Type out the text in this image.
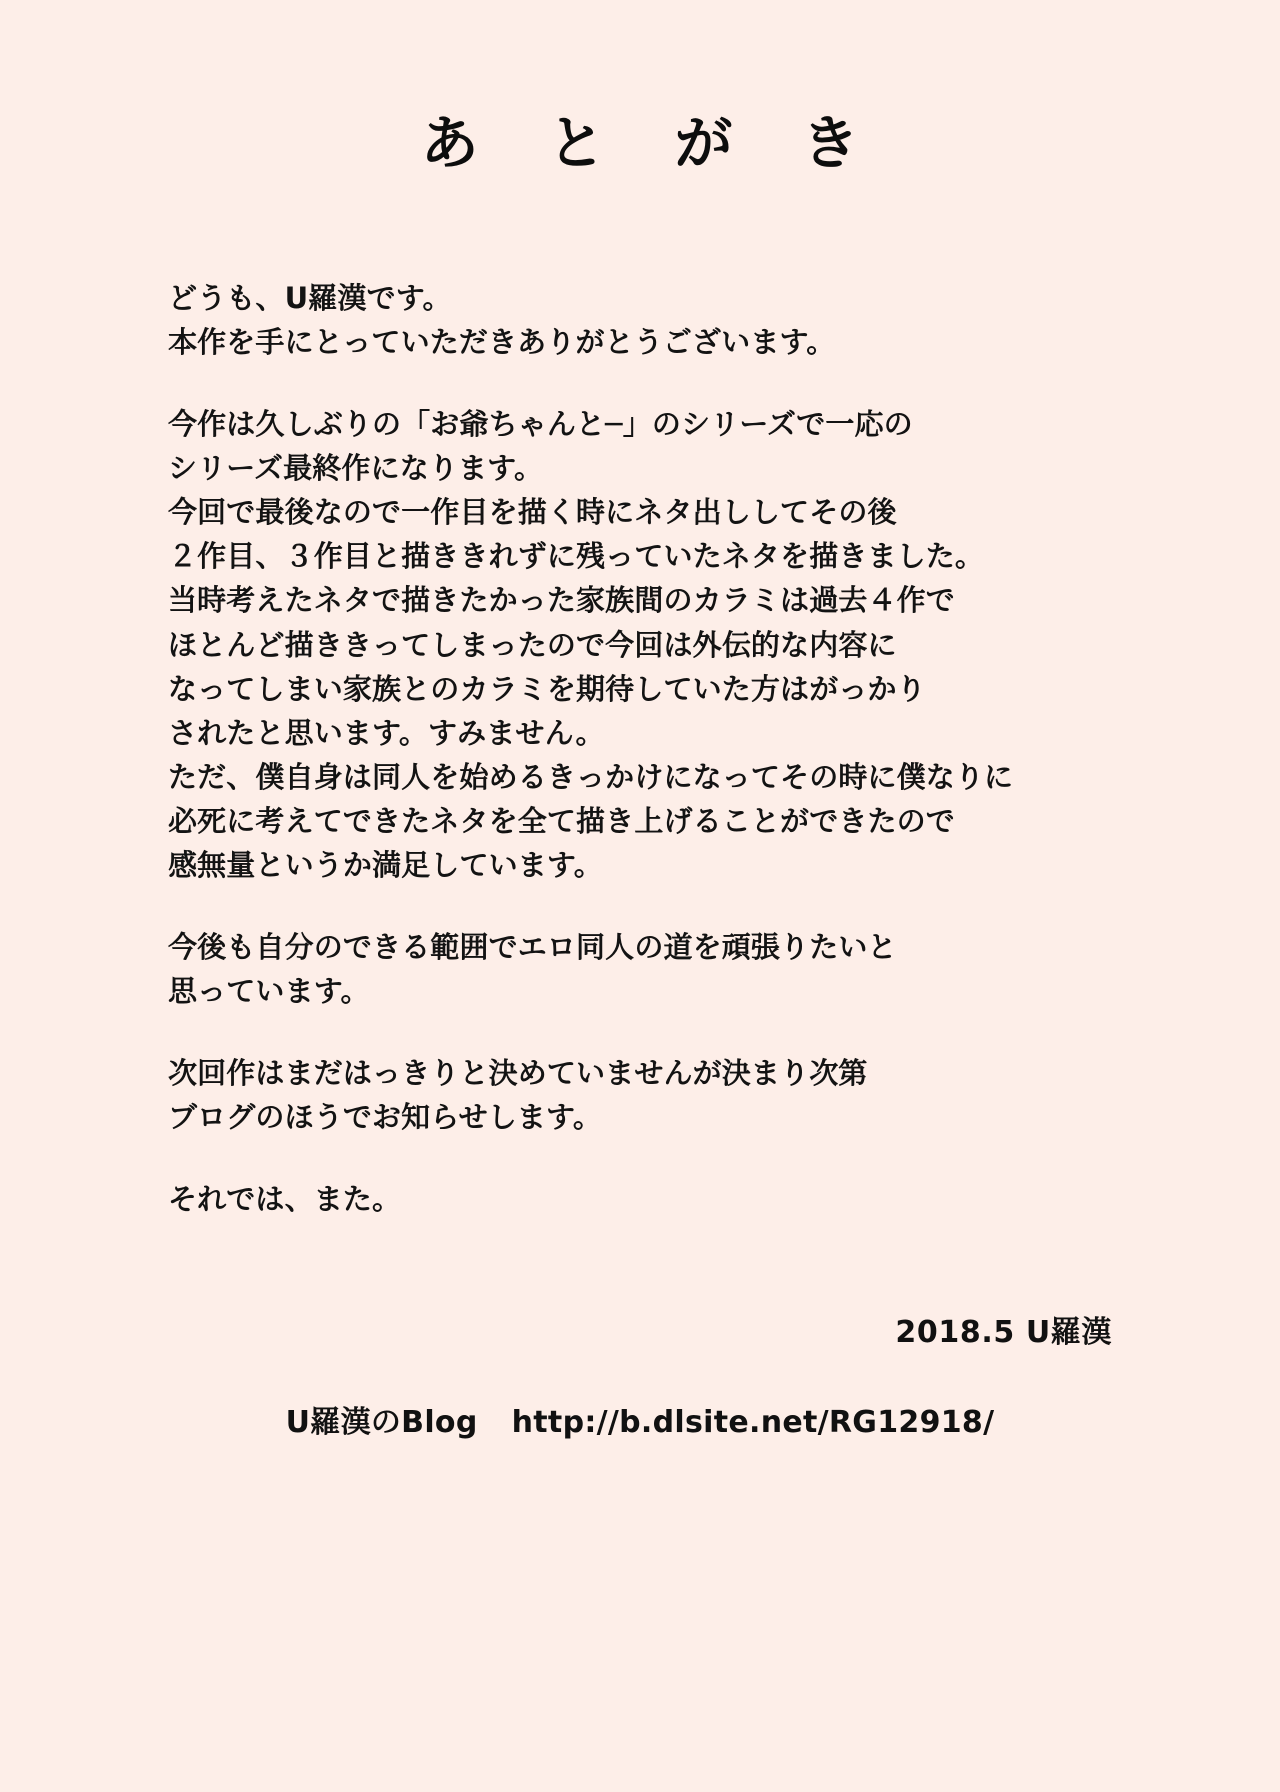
あ と が き
どうも、U羅漢です。
本作を手にとっていただきありがとうございます。
今作は久しぶりの「お爺ちゃんと─」のシリーズで一応の
シリーズ最終作になります。
今回で最後なので一作目を描く時にネタ出ししてその後
２作目、３作目と描ききれずに残っていたネタを描きました。
当時考えたネタで描きたかった家族間のカラミは過去４作で
ほとんど描ききってしまったので今回は外伝的な内容に
なってしまい家族とのカラミを期待していた方はがっかり
されたと思います。すみません。
ただ、僕自身は同人を始めるきっかけになってその時に僕なりに
必死に考えてできたネタを全て描き上げることができたので
感無量というか満足しています。
今後も自分のできる範囲でエロ同人の道を頑張りたいと
思っています。
次回作はまだはっきりと決めていませんが決まり次第
ブログのほうでお知らせします。
それでは、また。
2018.5 U羅漢
U羅漢のBlog http://b.dlsite.net/RG12918/
